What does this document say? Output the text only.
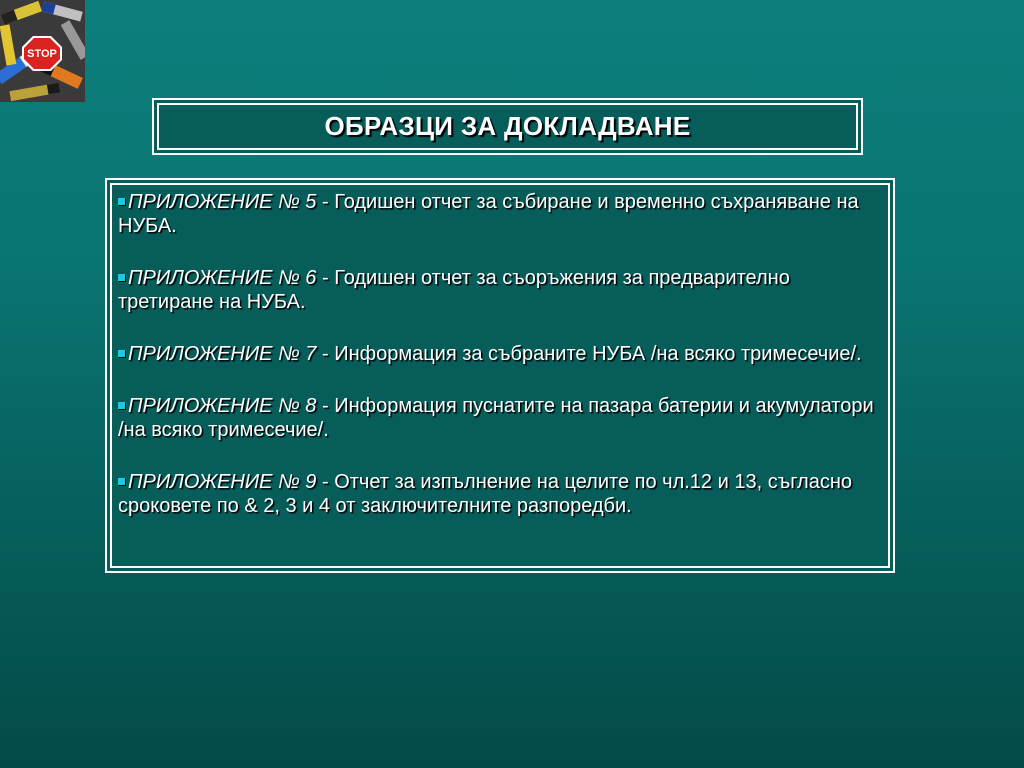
STOP
ОБРАЗЦИ ЗА ДОКЛАДВАНЕ
ПРИЛОЖЕНИЕ № 5 - Годишен отчет за събиране и временно съхраняване на НУБА.
ПРИЛОЖЕНИЕ № 6 - Годишен отчет за съоръжения за предварително третиране на НУБА.
ПРИЛОЖЕНИЕ № 7 - Информация за събраните НУБА /на всяко тримесечие/.
ПРИЛОЖЕНИЕ № 8 - Информация пуснатите на пазара батерии и акумулатори /на всяко тримесечие/.
ПРИЛОЖЕНИЕ № 9 - Отчет за изпълнение на целите по чл.12 и 13, съгласно сроковете по & 2, 3 и 4 от заключителните разпоредби.
